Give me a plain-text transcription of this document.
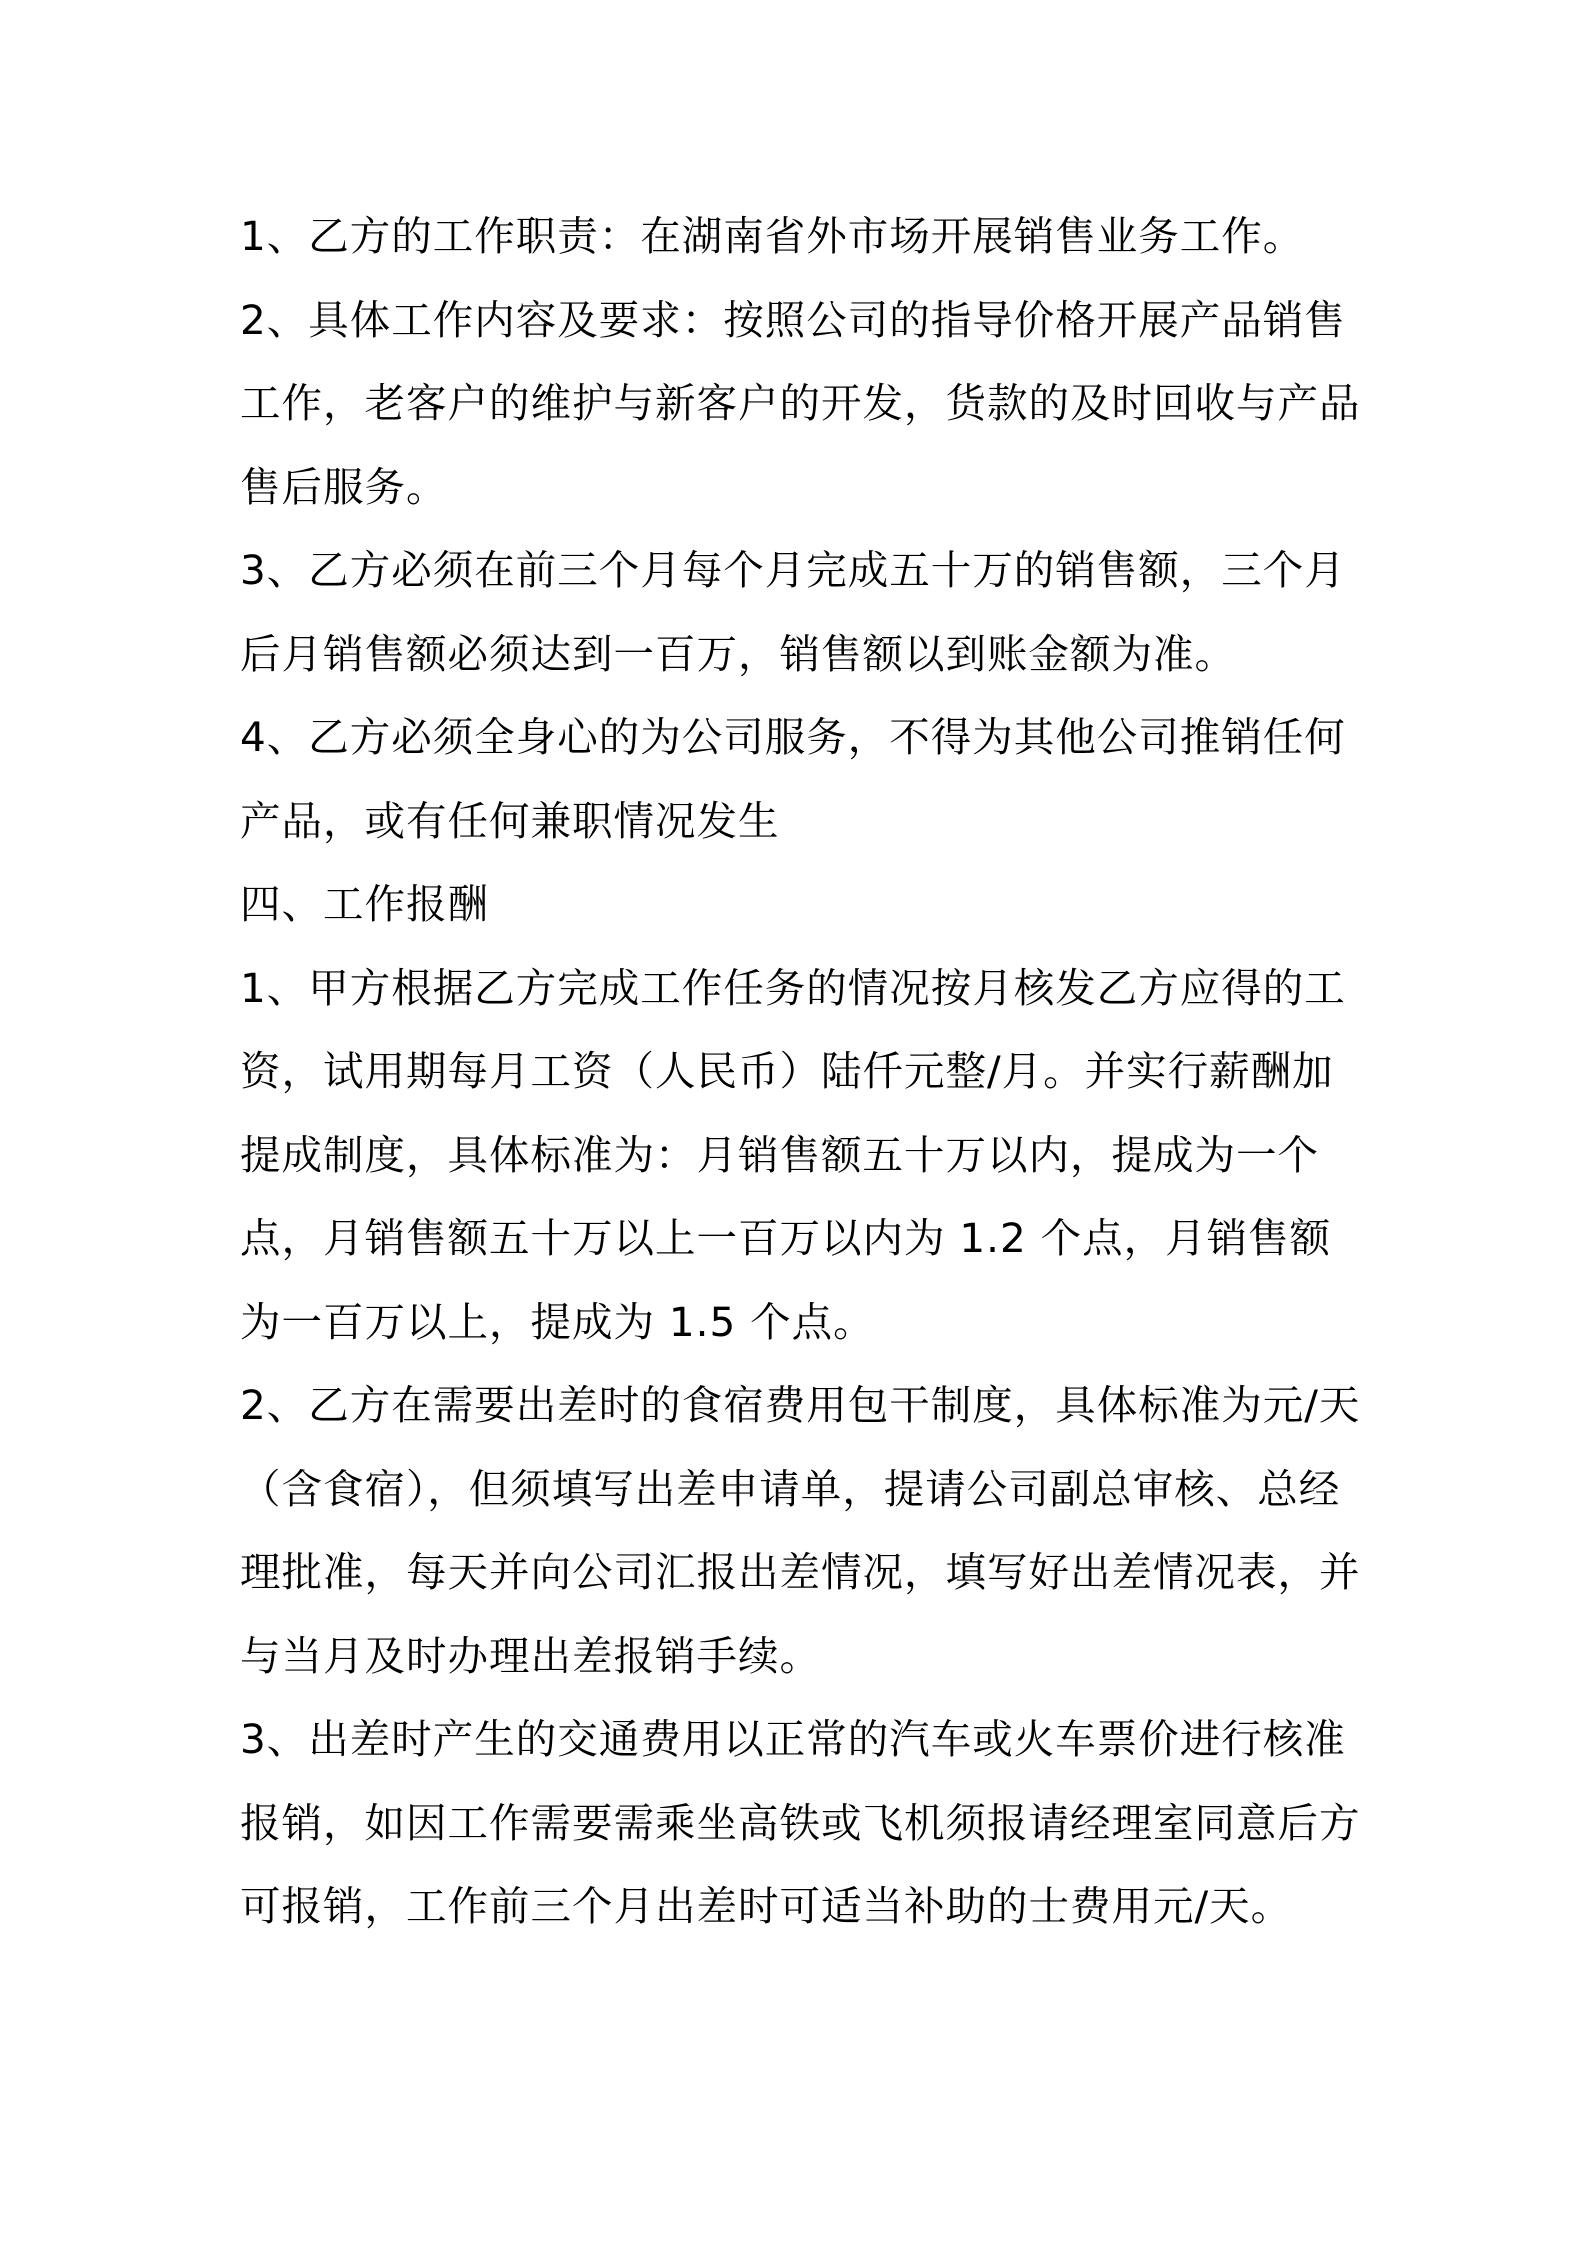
1、乙方的工作职责：在湖南省外市场开展销售业务工作。

2、具体工作内容及要求：按照公司的指导价格开展产品销售工作，老客户的维护与新客户的开发，货款的及时回收与产品售后服务。

3、乙方必须在前三个月每个月完成五十万的销售额，三个月后月销售额必须达到一百万，销售额以到账金额为准。

4、乙方必须全身心的为公司服务，不得为其他公司推销任何产品，或有任何兼职情况发生

四、工作报酬

1、甲方根据乙方完成工作任务的情况按月核发乙方应得的工资，试用期每月工资（人民币）陆仟元整/月。并实行薪酬加提成制度，具体标准为：月销售额五十万以内，提成为一个点，月销售额五十万以上一百万以内为 1.2 个点，月销售额为一百万以上，提成为 1.5 个点。

2、乙方在需要出差时的食宿费用包干制度，具体标准为元/天（含食宿），但须填写出差申请单，提请公司副总审核、总经理批准，每天并向公司汇报出差情况，填写好出差情况表，并与当月及时办理出差报销手续。

3、出差时产生的交通费用以正常的汽车或火车票价进行核准报销，如因工作需要需乘坐高铁或飞机须报请经理室同意后方可报销，工作前三个月出差时可适当补助的士费用元/天。
